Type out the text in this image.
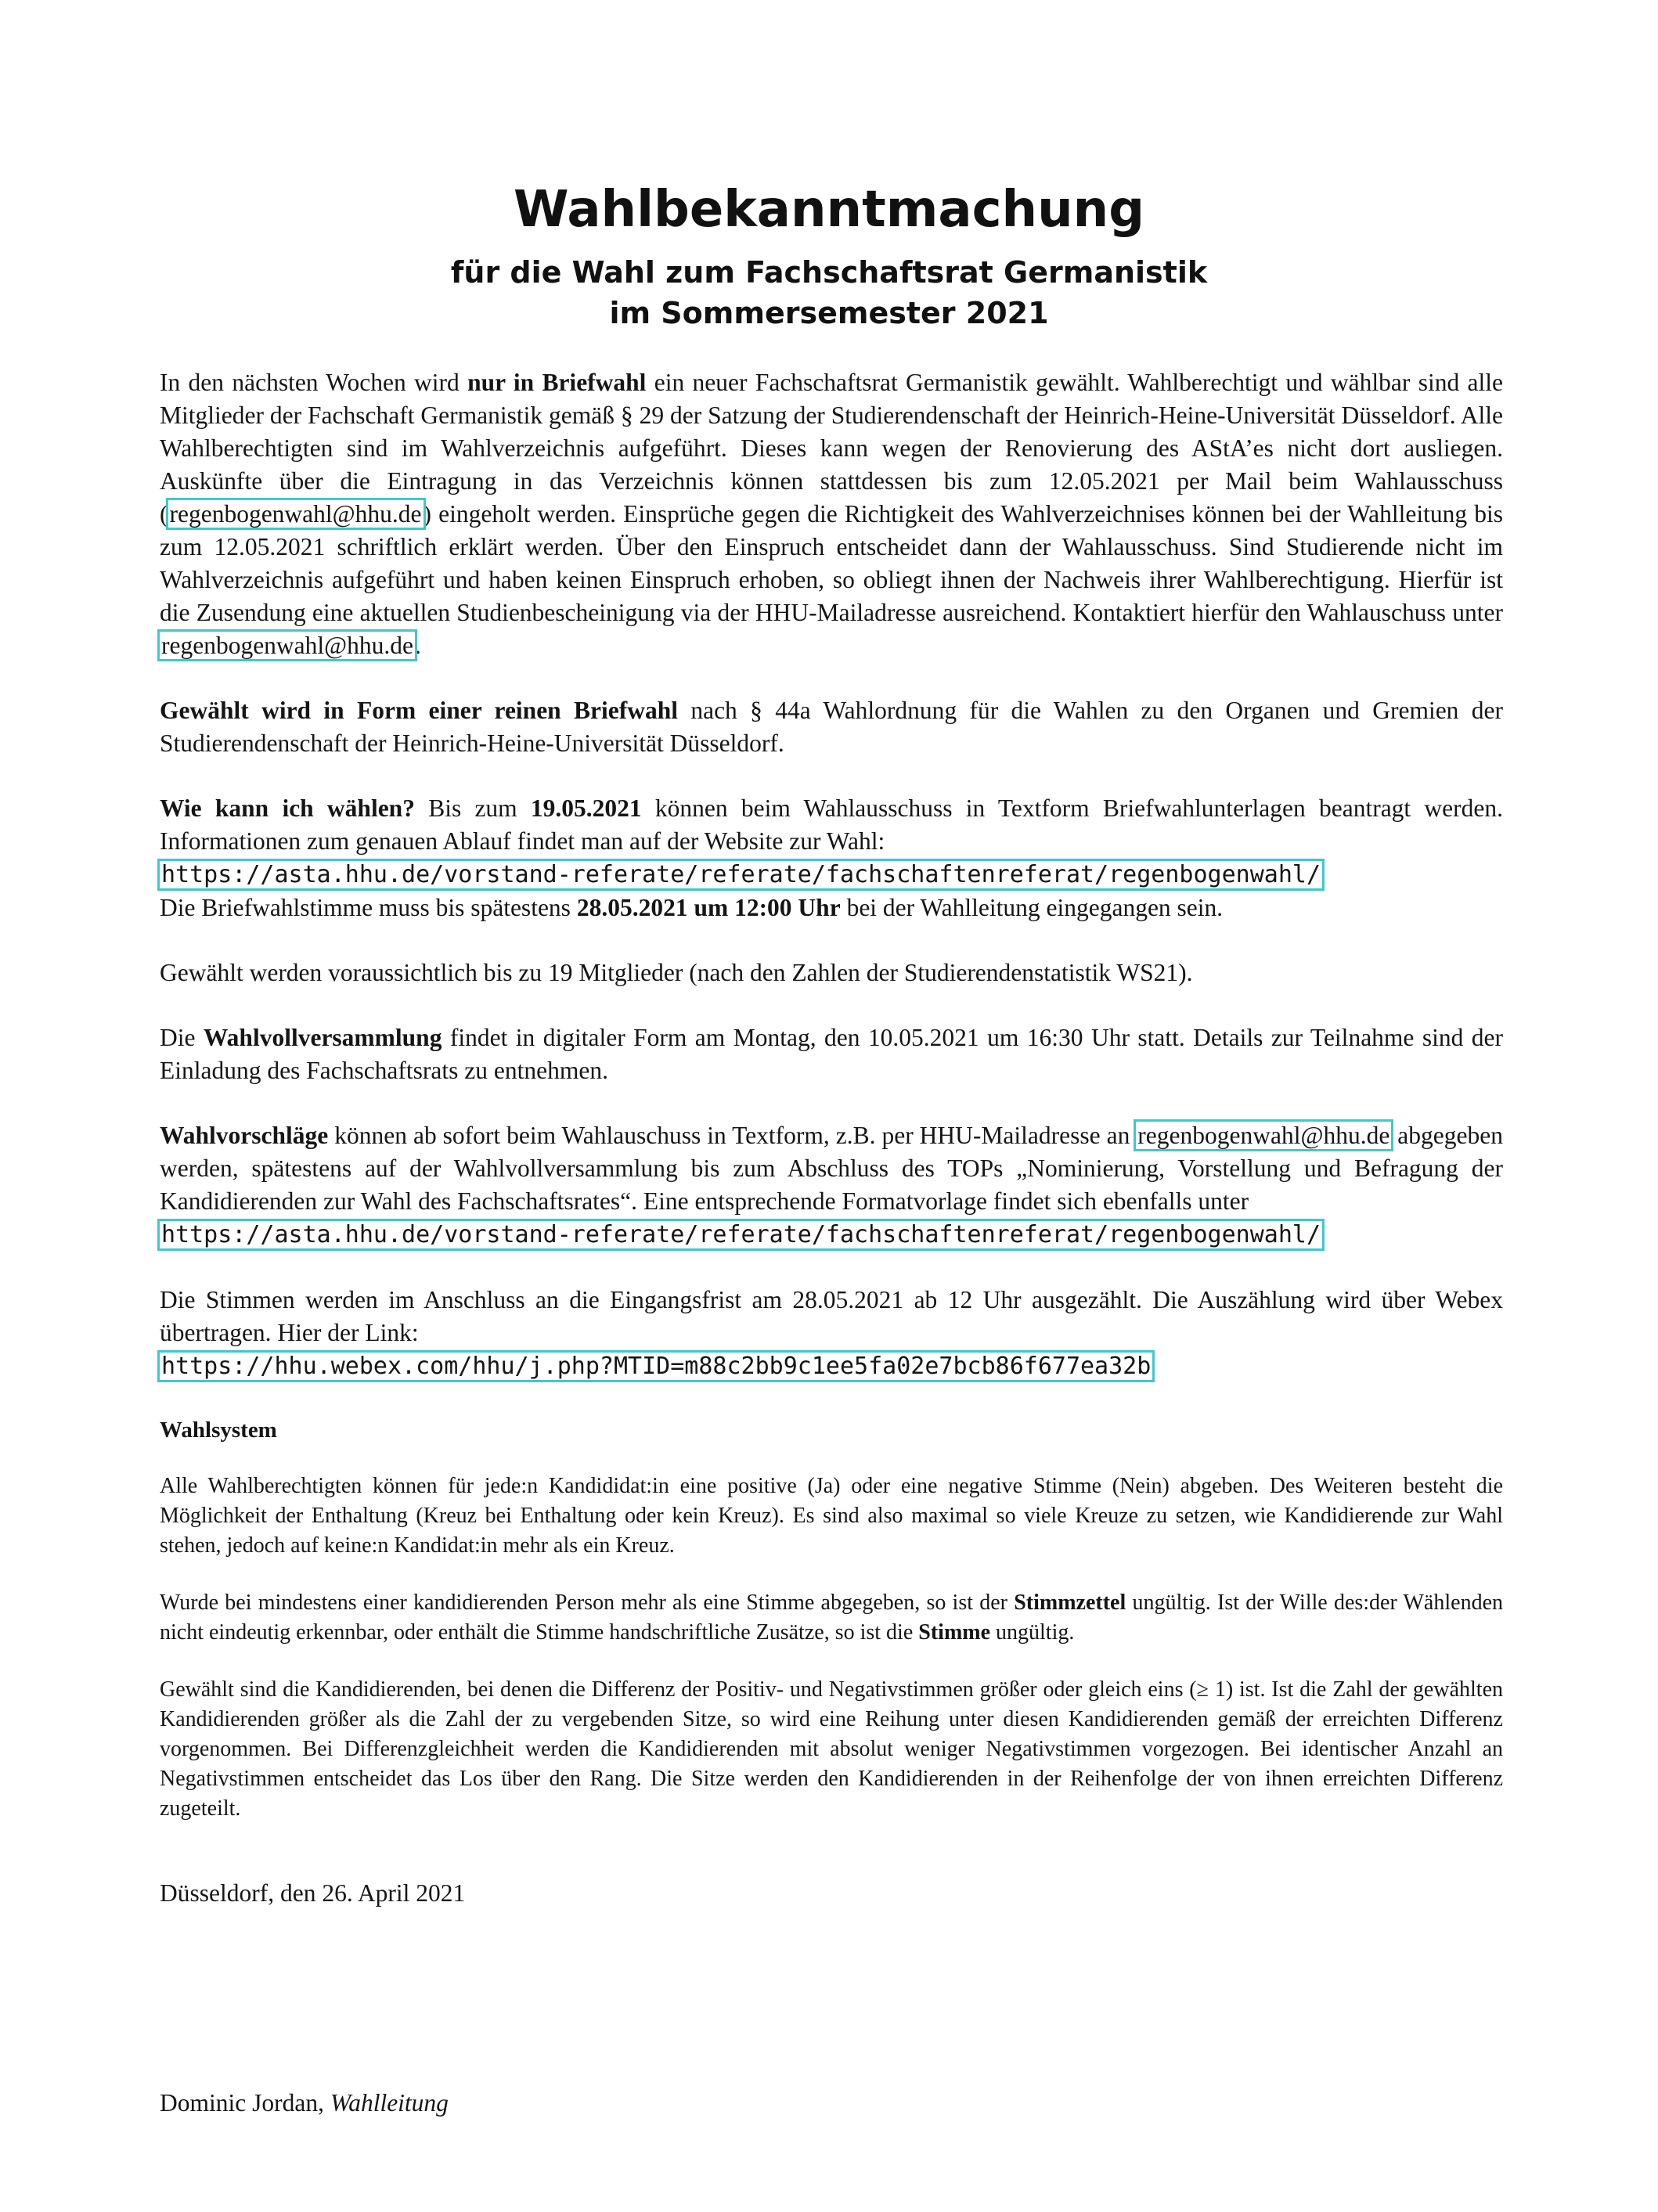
Wahlbekanntmachung
für die Wahl zum Fachschaftsrat Germanistik
im Sommersemester 2021

In den nächsten Wochen wird nur in Briefwahl ein neuer Fachschaftsrat Germanistik gewählt. Wahlberechtigt und wählbar sind alle Mitglieder der Fachschaft Germanistik gemäß § 29 der Satzung der Studierendenschaft der Heinrich-Heine-Universität Düsseldorf. Alle Wahlberechtigten sind im Wahlverzeichnis aufgeführt. Dieses kann wegen der Renovierung des AStA’es nicht dort ausliegen. Auskünfte über die Eintragung in das Verzeichnis können stattdessen bis zum 12.05.2021 per Mail beim Wahlausschuss (regenbogenwahl@hhu.de) eingeholt werden. Einsprüche gegen die Richtigkeit des Wahlverzeichnises können bei der Wahlleitung bis zum 12.05.2021 schriftlich erklärt werden. Über den Einspruch entscheidet dann der Wahlausschuss. Sind Studierende nicht im Wahlverzeichnis aufgeführt und haben keinen Einspruch erhoben, so obliegt ihnen der Nachweis ihrer Wahlberechtigung. Hierfür ist die Zusendung eine aktuellen Studienbescheinigung via der HHU-Mailadresse ausreichend. Kontaktiert hierfür den Wahlauschuss unter regenbogenwahl@hhu.de.

Gewählt wird in Form einer reinen Briefwahl nach § 44a Wahlordnung für die Wahlen zu den Organen und Gremien der Studierendenschaft der Heinrich-Heine-Universität Düsseldorf.

Wie kann ich wählen? Bis zum 19.05.2021 können beim Wahlausschuss in Textform Briefwahlunterlagen beantragt werden. Informationen zum genauen Ablauf findet man auf der Website zur Wahl:
https://asta.hhu.de/vorstand-referate/referate/fachschaftenreferat/regenbogenwahl/
Die Briefwahlstimme muss bis spätestens 28.05.2021 um 12:00 Uhr bei der Wahlleitung eingegangen sein.

Gewählt werden voraussichtlich bis zu 19 Mitglieder (nach den Zahlen der Studierendenstatistik WS21).

Die Wahlvollversammlung findet in digitaler Form am Montag, den 10.05.2021 um 16:30 Uhr statt. Details zur Teilnahme sind der Einladung des Fachschaftsrats zu entnehmen.

Wahlvorschläge können ab sofort beim Wahlauschuss in Textform, z.B. per HHU-Mailadresse an regenbogenwahl@hhu.de abgegeben werden, spätestens auf der Wahlvollversammlung bis zum Abschluss des TOPs „Nominierung, Vorstellung und Befragung der Kandidierenden zur Wahl des Fachschaftsrates“. Eine entsprechende Formatvorlage findet sich ebenfalls unter
https://asta.hhu.de/vorstand-referate/referate/fachschaftenreferat/regenbogenwahl/

Die Stimmen werden im Anschluss an die Eingangsfrist am 28.05.2021 ab 12 Uhr ausgezählt. Die Auszählung wird über Webex übertragen. Hier der Link:
https://hhu.webex.com/hhu/j.php?MTID=m88c2bb9c1ee5fa02e7bcb86f677ea32b

Wahlsystem

Alle Wahlberechtigten können für jede:n Kandididat:in eine positive (Ja) oder eine negative Stimme (Nein) abgeben. Des Weiteren besteht die Möglichkeit der Enthaltung (Kreuz bei Enthaltung oder kein Kreuz). Es sind also maximal so viele Kreuze zu setzen, wie Kandidierende zur Wahl stehen, jedoch auf keine:n Kandidat:in mehr als ein Kreuz.

Wurde bei mindestens einer kandidierenden Person mehr als eine Stimme abgegeben, so ist der Stimmzettel ungültig. Ist der Wille des:der Wählenden nicht eindeutig erkennbar, oder enthält die Stimme handschriftliche Zusätze, so ist die Stimme ungültig.

Gewählt sind die Kandidierenden, bei denen die Differenz der Positiv- und Negativstimmen größer oder gleich eins (≥ 1) ist. Ist die Zahl der gewählten Kandidierenden größer als die Zahl der zu vergebenden Sitze, so wird eine Reihung unter diesen Kandidierenden gemäß der erreichten Differenz vorgenommen. Bei Differenzgleichheit werden die Kandidierenden mit absolut weniger Negativstimmen vorgezogen. Bei identischer Anzahl an Negativstimmen entscheidet das Los über den Rang. Die Sitze werden den Kandidierenden in der Reihenfolge der von ihnen erreichten Differenz zugeteilt.

Düsseldorf, den 26. April 2021
Dominic Jordan, Wahlleitung
